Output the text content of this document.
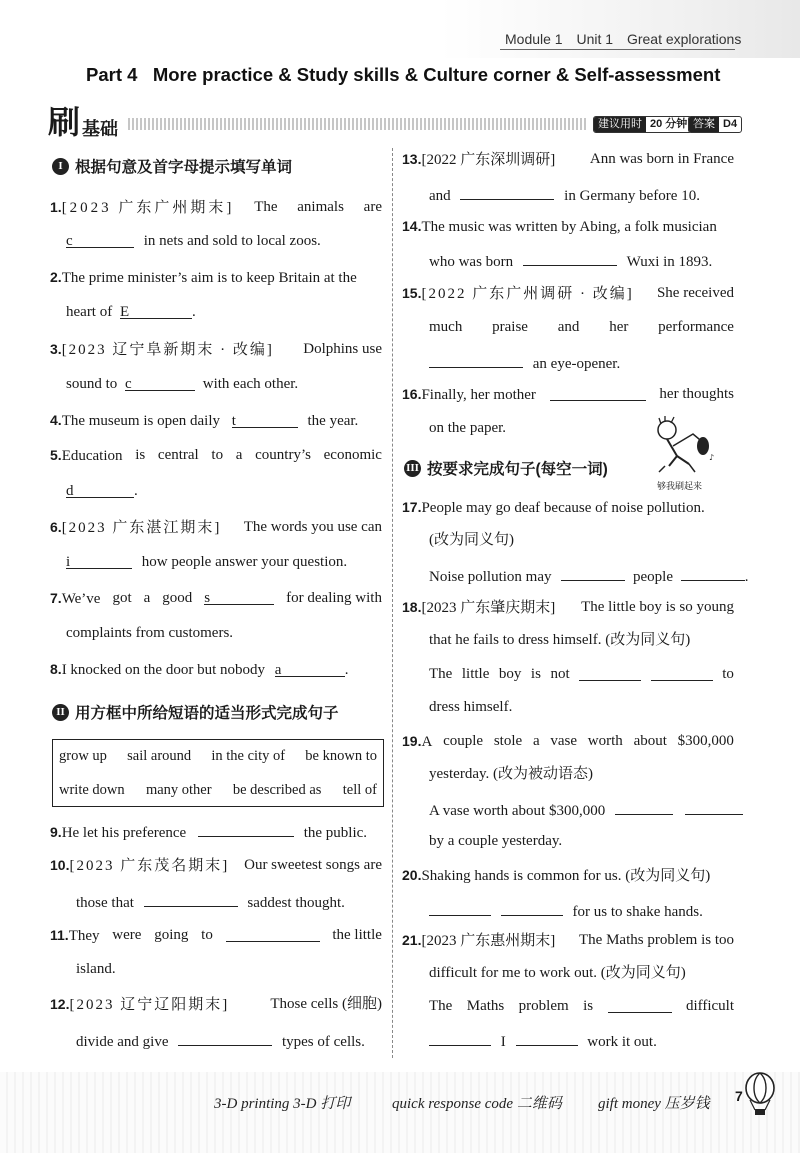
Module 1 Unit 1 Great explorations
Part 4   More practice & Study skills & Culture corner & Self-assessment
刷 基础	建议用时 20 分钟 答案 D4
I 根据句意及首字母提示填写单词
1.[2023 广东广州期末] The animals are
c	in nets and sold to local zoos.
2.The prime minister’s aim is to keep Britain at the
heart of E	.
3.[2023 辽宁阜新期末 · 改编] Dolphins use
sound to c	with each other.
4.The museum is open daily t	the year.
5.Education is central to a country’s economic
d	.
6.[2023 广东湛江期末] The words you use can
i	how people answer your question.
7.We’ve got a good s	for dealing with
complaints from customers.
8.I knocked on the door but nobody a	.
II 用方框中所给短语的适当形式完成句子
grow up sail around in the city of be known to
write down many other be described as tell of
9.He let his preference	the public.
10.[2023 广东茂名期末] Our sweetest songs are
those that	saddest thought.
11.They were going to	the little
island.
12.[2023 辽宁辽阳期末]	Those cells (细胞)
divide and give	types of cells.
13.[2022 广东深圳调研] Ann was born in France
and	in Germany before 10.
14.The music was written by Abing, a folk musician
who was born	Wuxi in 1893.
15.[2022 广东广州调研 · 改编] She received
much praise and her performance
an eye-opener.
16.Finally, her mother	her thoughts
on the paper.
♪
够我刷起来
III 按要求完成句子(每空一词)
17.People may go deaf because of noise pollution.
(改为同义句)
Noise pollution may	people	.
18.[2023 广东肇庆期末] The little boy is so young
that he fails to dress himself. (改为同义句)
The little boy is not	to
dress himself.
19.A couple stole a vase worth about $300,000
yesterday. (改为被动语态)
A vase worth about $300,000
by a couple yesterday.
20.Shaking hands is common for us. (改为同义句)
for us to shake hands.
21.[2023 广东惠州期末] The Maths problem is too
difficult for me to work out. (改为同义句)
The Maths problem is	difficult
I	work it out.
3-D printing 3-D 打印	quick response code 二维码 gift money 压岁钱 7
